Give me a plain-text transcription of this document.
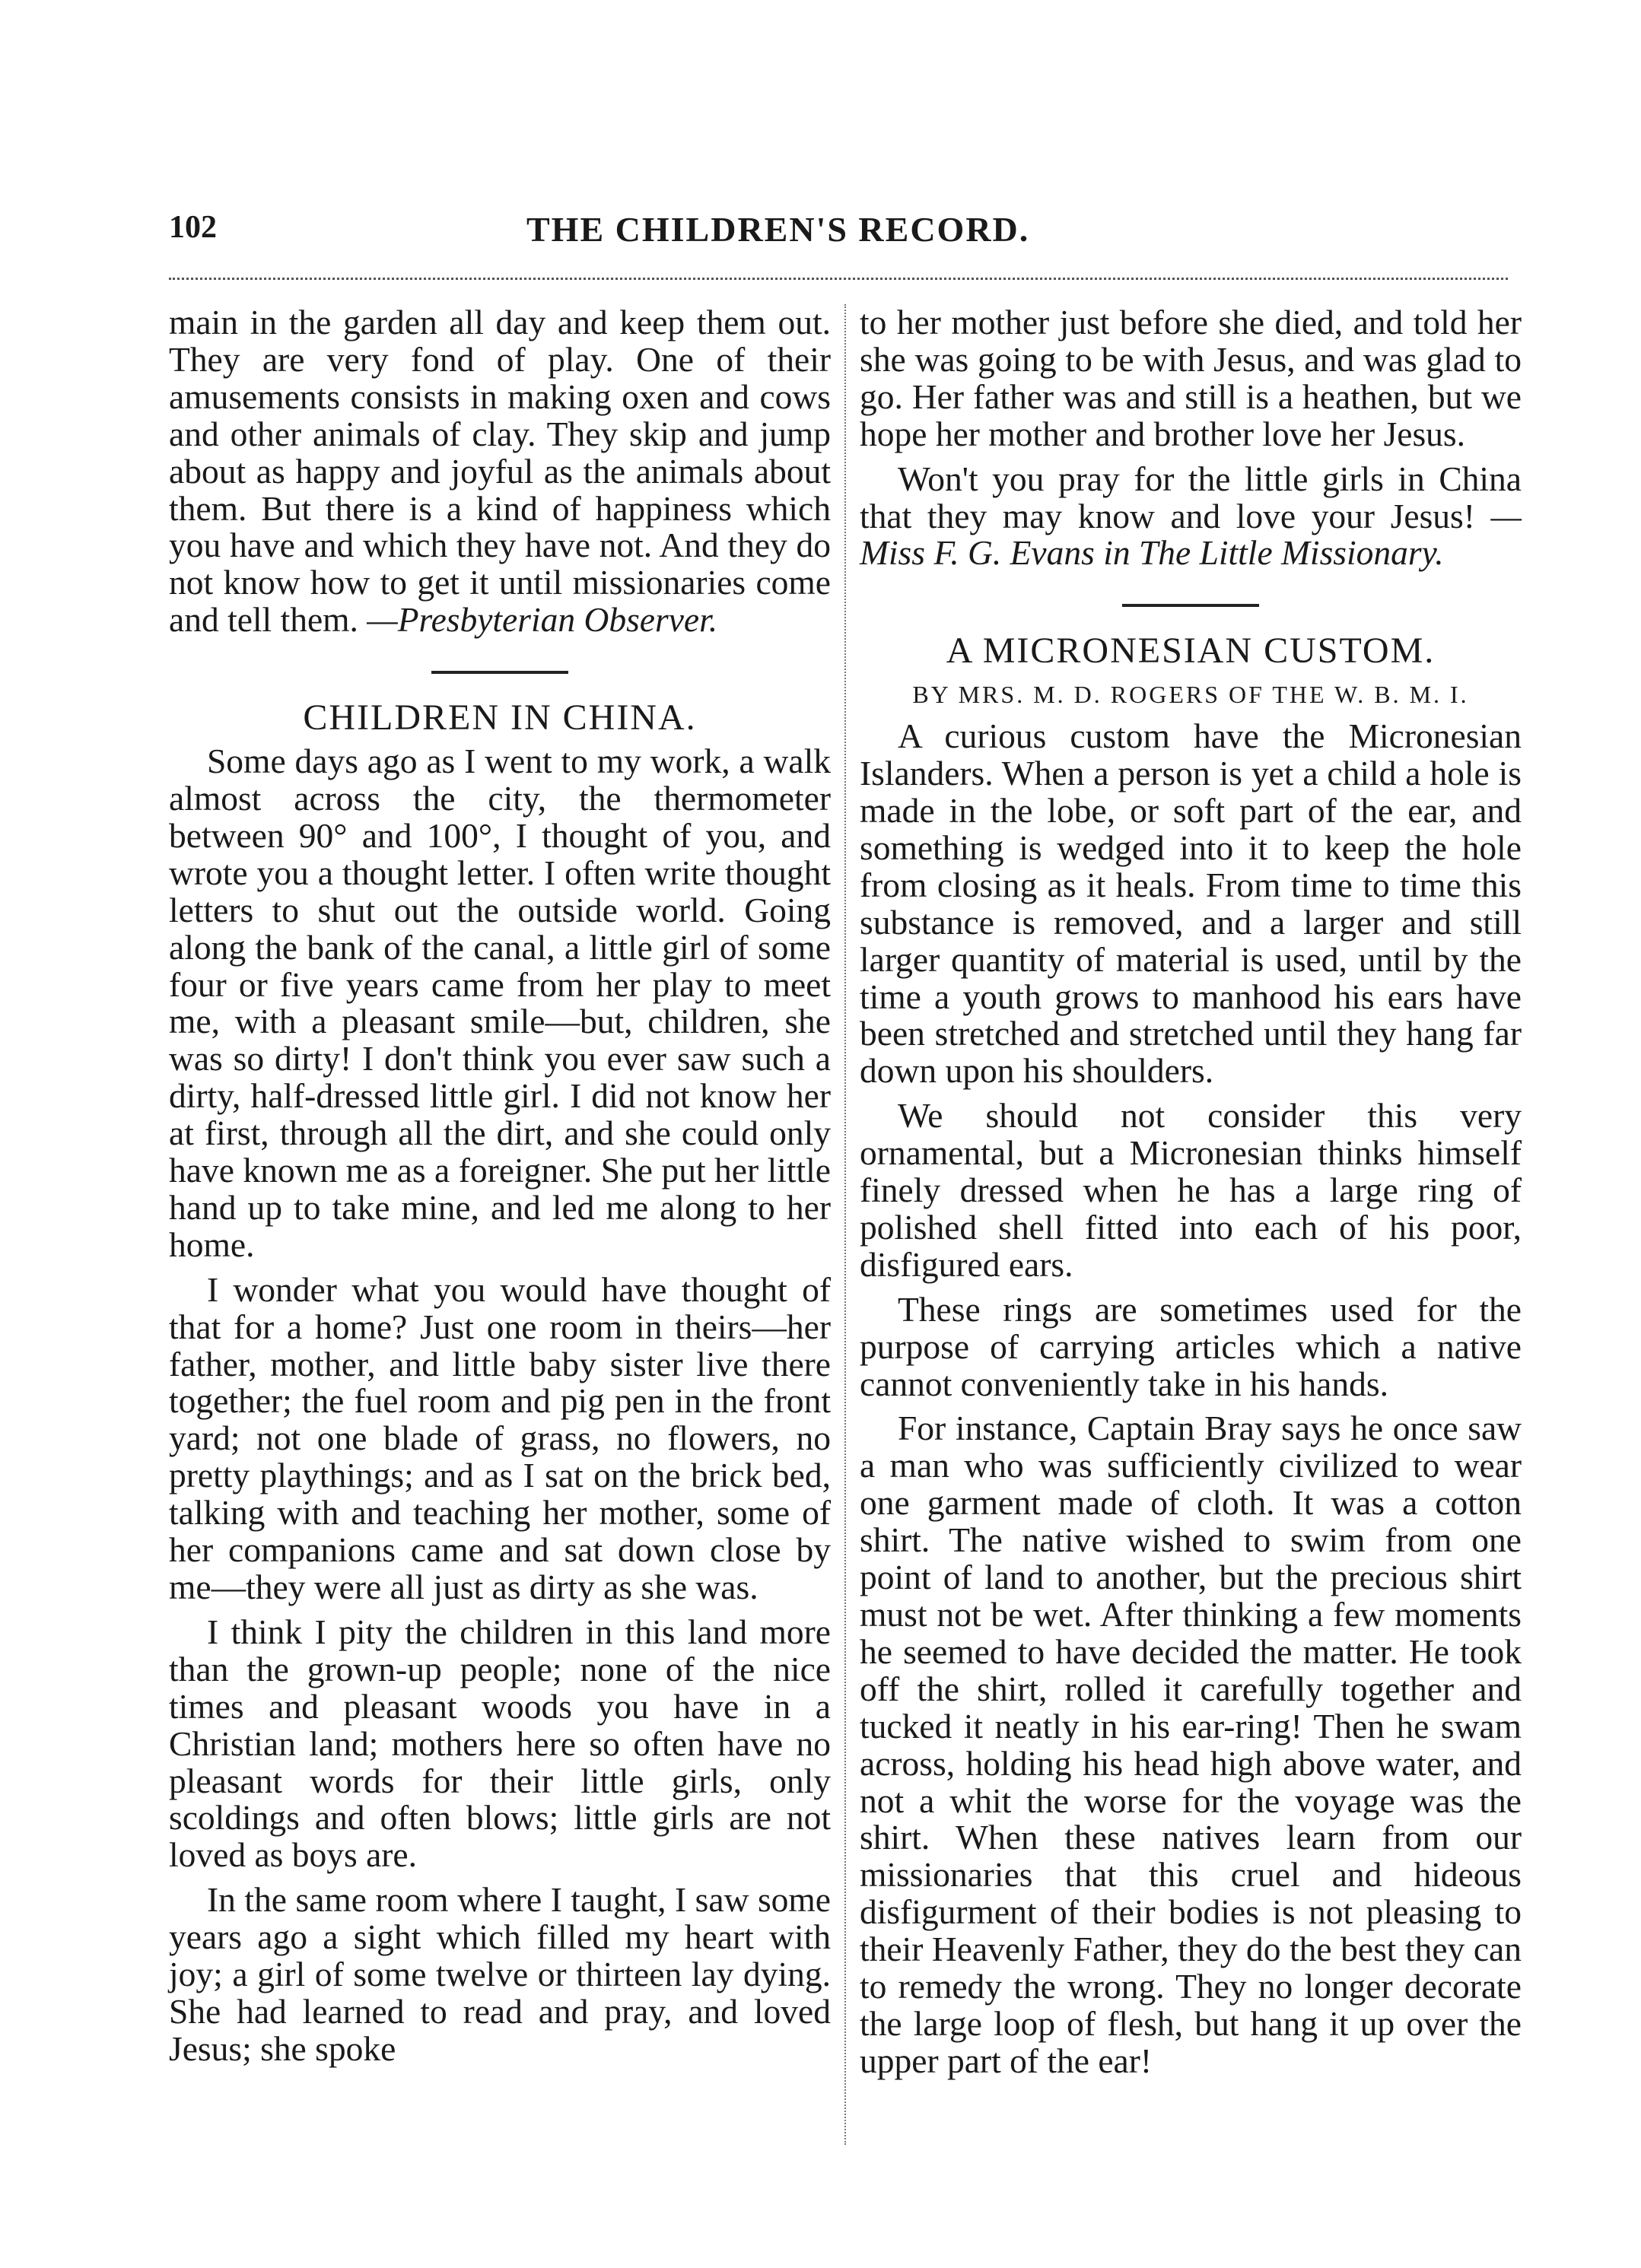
102	THE CHILDREN'S RECORD.

main in the garden all day and keep them out. They are very fond of play. One of their amusements consists in making oxen and cows and other animals of clay. They skip and jump about as happy and joyful as the animals about them. But there is a kind of happiness which you have and which they have not. And they do not know how to get it until missionaries come and tell them. —Presbyterian Observer.

CHILDREN IN CHINA.

Some days ago as I went to my work, a walk almost across the city, the thermometer between 90° and 100°, I thought of you, and wrote you a thought letter. I often write thought letters to shut out the outside world. Going along the bank of the canal, a little girl of some four or five years came from her play to meet me, with a pleasant smile—but, children, she was so dirty! I don't think you ever saw such a dirty, half-dressed little girl. I did not know her at first, through all the dirt, and she could only have known me as a foreigner. She put her little hand up to take mine, and led me along to her home.

I wonder what you would have thought of that for a home? Just one room in theirs—her father, mother, and little baby sister live there together; the fuel room and pig pen in the front yard; not one blade of grass, no flowers, no pretty playthings; and as I sat on the brick bed, talking with and teaching her mother, some of her companions came and sat down close by me—they were all just as dirty as she was.

I think I pity the children in this land more than the grown-up people; none of the nice times and pleasant woods you have in a Christian land; mothers here so often have no pleasant words for their little girls, only scoldings and often blows; little girls are not loved as boys are.

In the same room where I taught, I saw some years ago a sight which filled my heart with joy; a girl of some twelve or thirteen lay dying. She had learned to read and pray, and loved Jesus; she spoke

to her mother just before she died, and told her she was going to be with Jesus, and was glad to go. Her father was and still is a heathen, but we hope her mother and brother love her Jesus.

Won't you pray for the little girls in China that they may know and love your Jesus! —Miss F. G. Evans in The Little Missionary.

A MICRONESIAN CUSTOM.
BY MRS. M. D. ROGERS OF THE W. B. M. I.

A curious custom have the Micronesian Islanders. When a person is yet a child a hole is made in the lobe, or soft part of the ear, and something is wedged into it to keep the hole from closing as it heals. From time to time this substance is removed, and a larger and still larger quantity of material is used, until by the time a youth grows to manhood his ears have been stretched and stretched until they hang far down upon his shoulders.

We should not consider this very ornamental, but a Micronesian thinks himself finely dressed when he has a large ring of polished shell fitted into each of his poor, disfigured ears.

These rings are sometimes used for the purpose of carrying articles which a native cannot conveniently take in his hands.

For instance, Captain Bray says he once saw a man who was sufficiently civilized to wear one garment made of cloth. It was a cotton shirt. The native wished to swim from one point of land to another, but the precious shirt must not be wet. After thinking a few moments he seemed to have decided the matter. He took off the shirt, rolled it carefully together and tucked it neatly in his ear-ring! Then he swam across, holding his head high above water, and not a whit the worse for the voyage was the shirt. When these natives learn from our missionaries that this cruel and hideous disfigurment of their bodies is not pleasing to their Heavenly Father, they do the best they can to remedy the wrong. They no longer decorate the large loop of flesh, but hang it up over the upper part of the ear!
